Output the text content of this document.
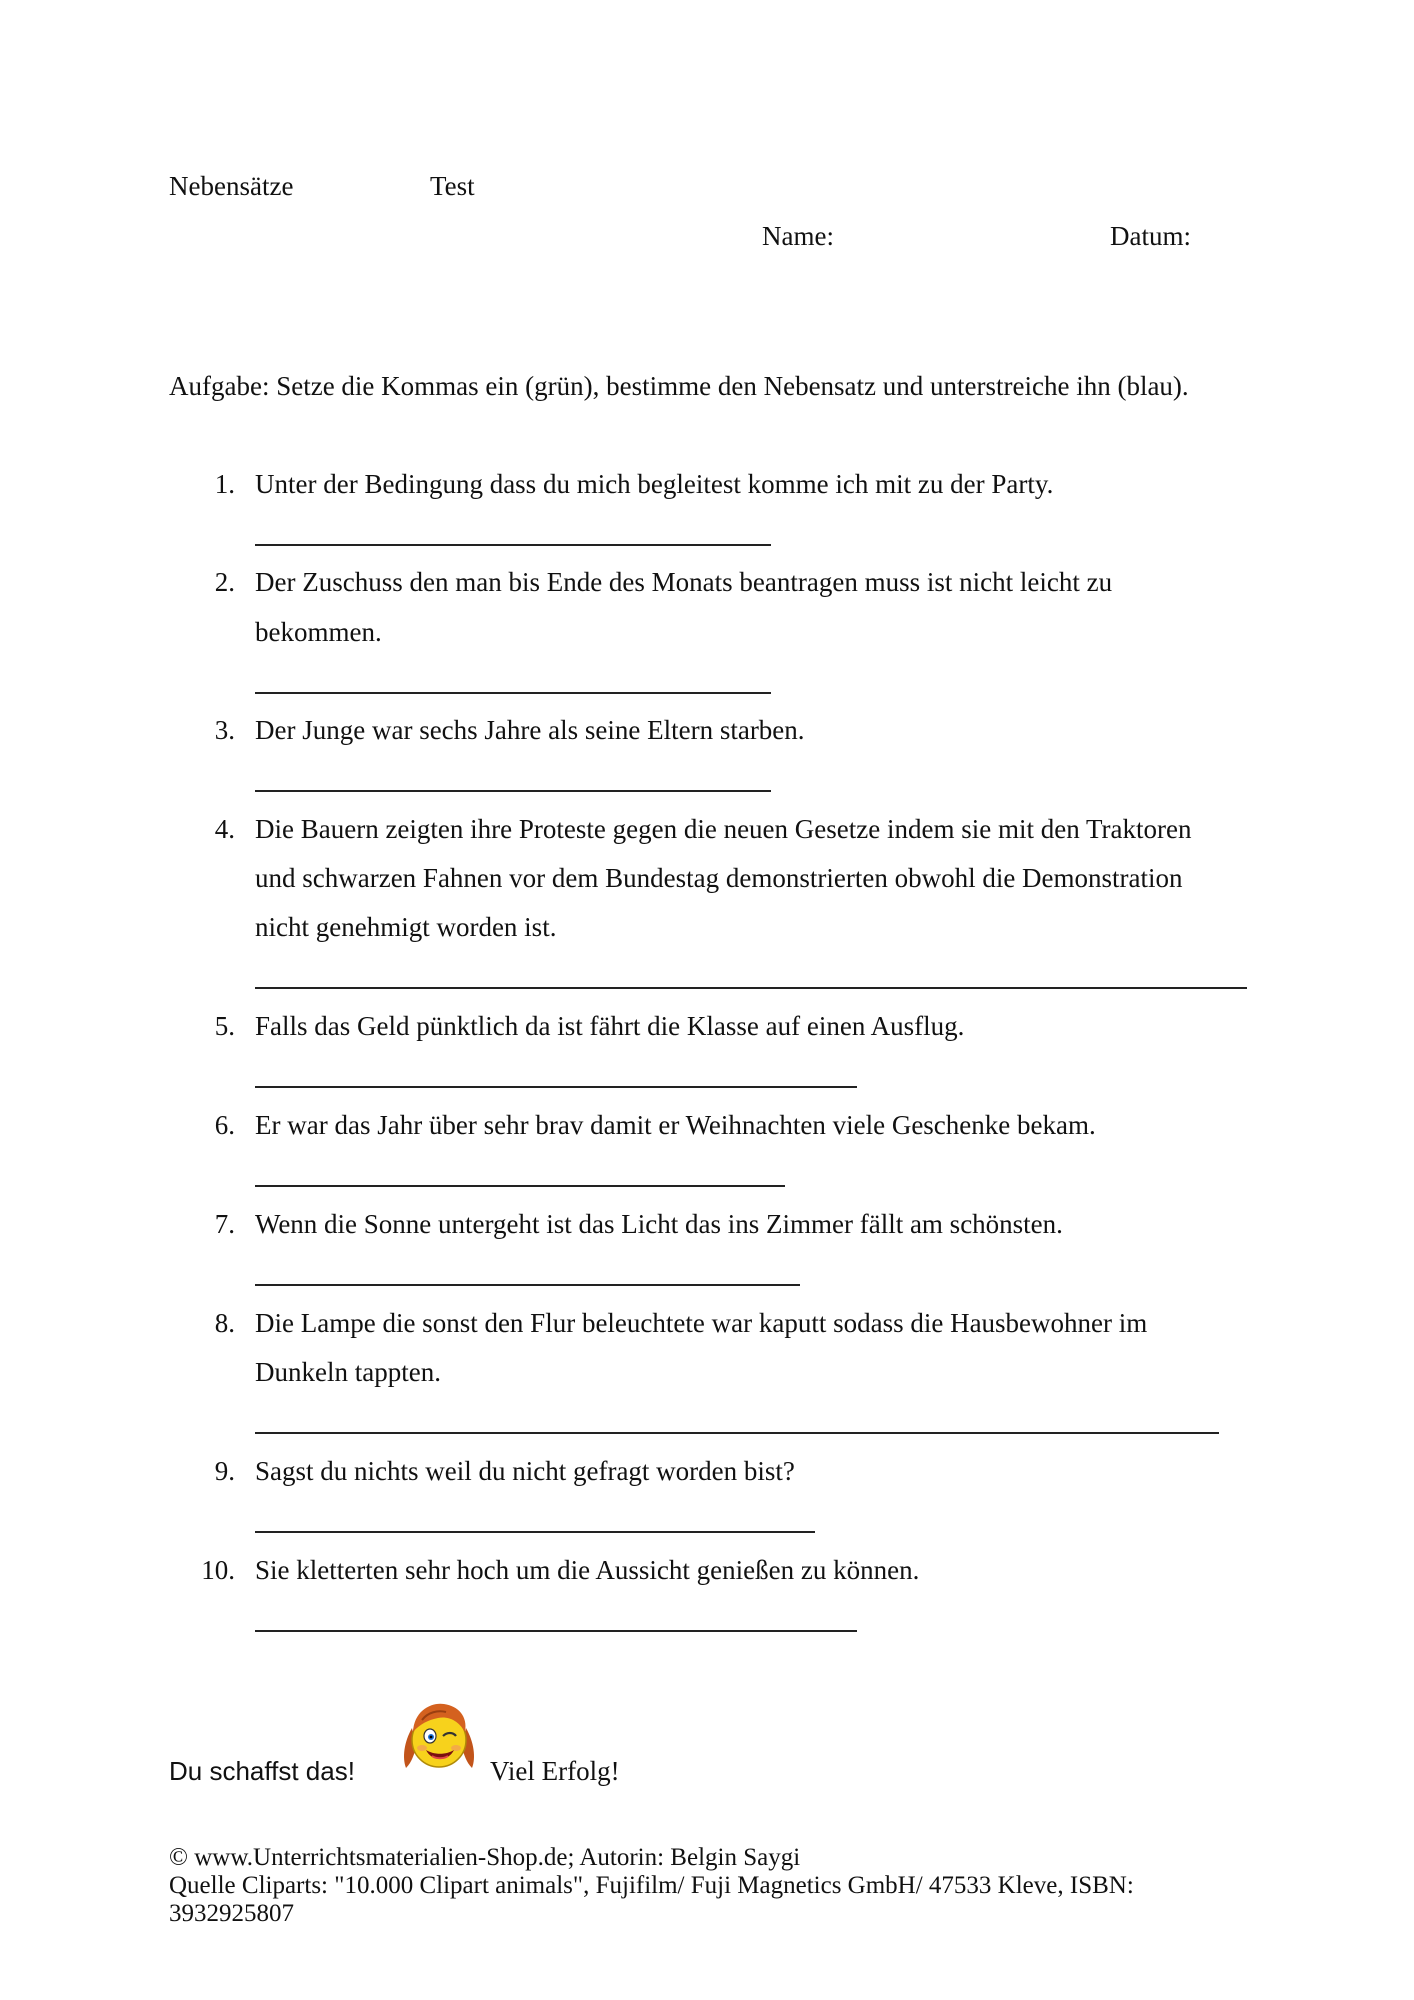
Nebensätze	Test
Name:	Datum:
Aufgabe: Setze die Kommas ein (grün), bestimme den Nebensatz und unterstreiche ihn (blau).
1. Unter der Bedingung dass du mich begleitest komme ich mit zu der Party.
2. Der Zuschuss den man bis Ende des Monats beantragen muss ist nicht leicht zu
bekommen.
3. Der Junge war sechs Jahre als seine Eltern starben.
4. Die Bauern zeigten ihre Proteste gegen die neuen Gesetze indem sie mit den Traktoren
und schwarzen Fahnen vor dem Bundestag demonstrierten obwohl die Demonstration
nicht genehmigt worden ist.
5. Falls das Geld pünktlich da ist fährt die Klasse auf einen Ausflug.
6. Er war das Jahr über sehr brav damit er Weihnachten viele Geschenke bekam.
7. Wenn die Sonne untergeht ist das Licht das ins Zimmer fällt am schönsten.
8. Die Lampe die sonst den Flur beleuchtete war kaputt sodass die Hausbewohner im
Dunkeln tappten.
9. Sagst du nichts weil du nicht gefragt worden bist?
10. Sie kletterten sehr hoch um die Aussicht genießen zu können.
Du schaffst das!	Viel Erfolg!
© www.Unterrichtsmaterialien-Shop.de; Autorin: Belgin Saygi
Quelle Cliparts: "10.000 Clipart animals", Fujifilm/ Fuji Magnetics GmbH/ 47533 Kleve, ISBN:
3932925807
